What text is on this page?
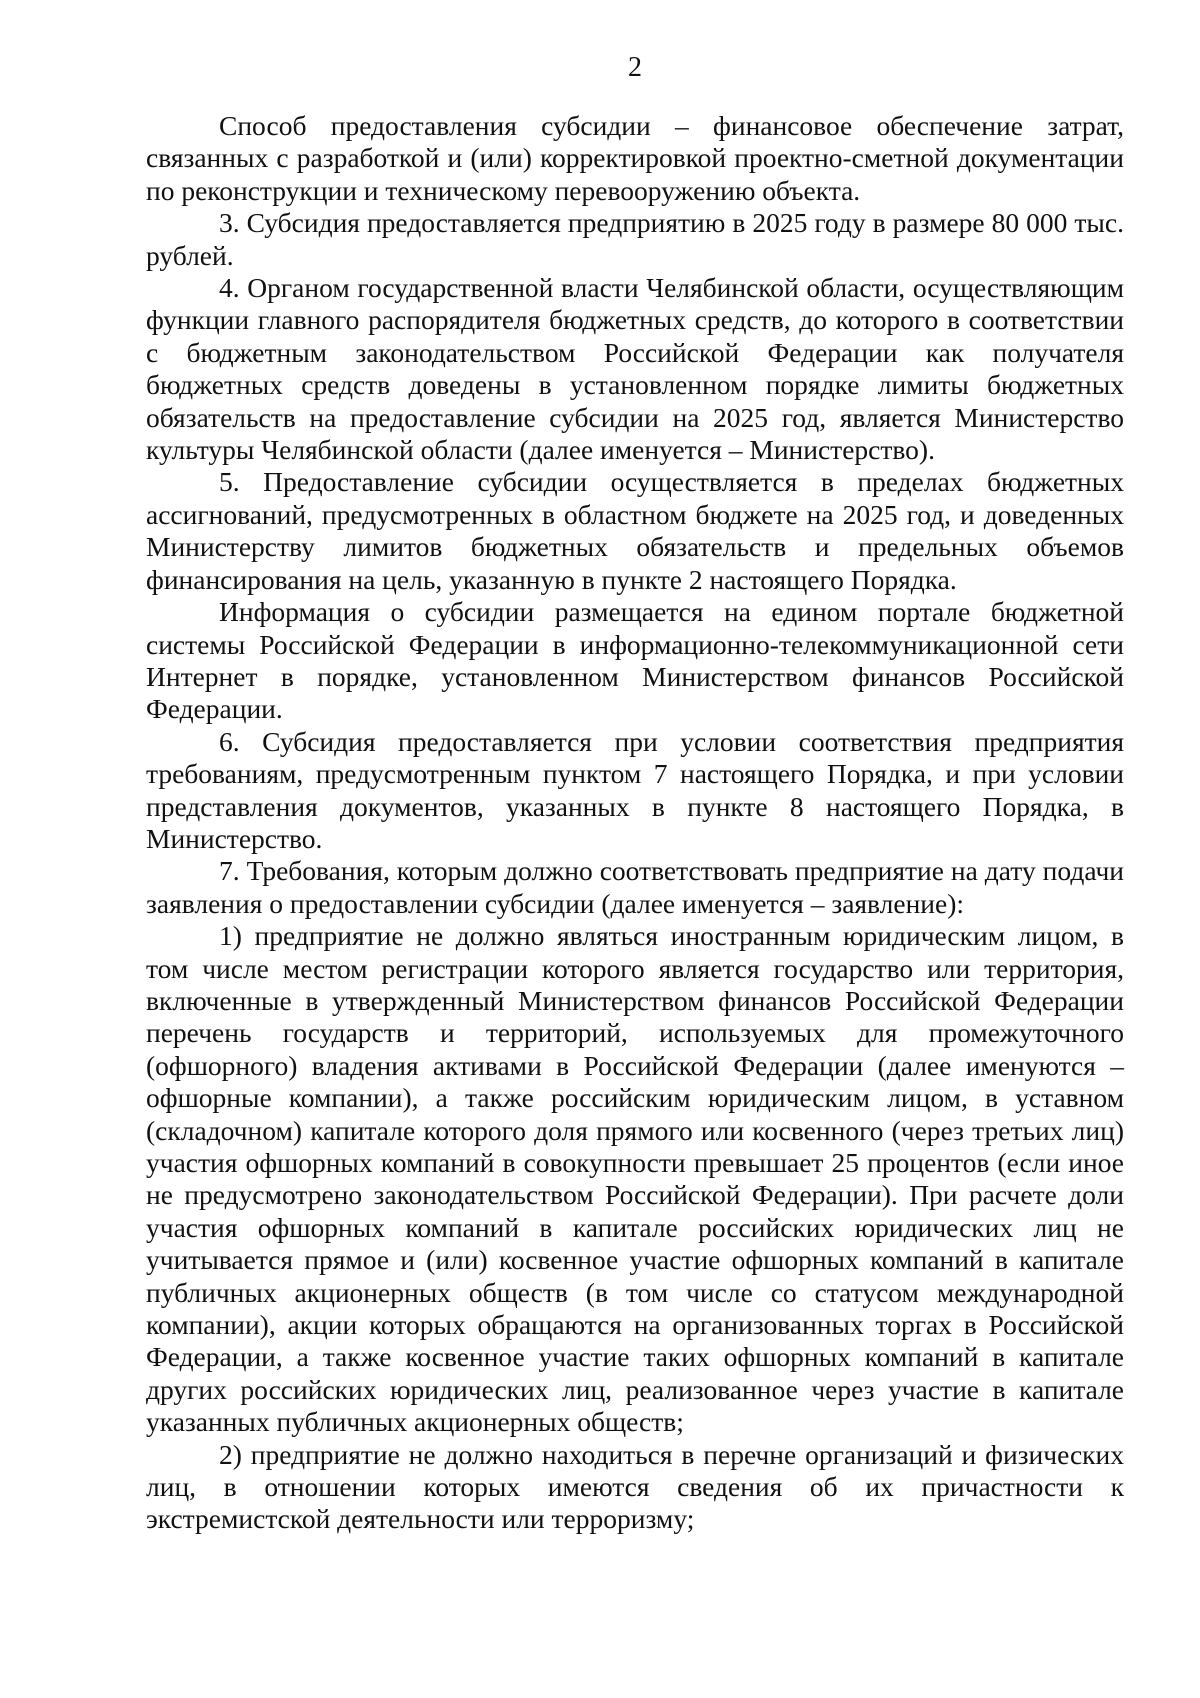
2

Способ предоставления субсидии – финансовое обеспечение затрат, связанных с разработкой и (или) корректировкой проектно-сметной документации по реконструкции и техническому перевооружению объекта.

3. Субсидия предоставляется предприятию в 2025 году в размере 80 000 тыс. рублей.

4. Органом государственной власти Челябинской области, осуществляющим функции главного распорядителя бюджетных средств, до которого в соответствии с бюджетным законодательством Российской Федерации как получателя бюджетных средств доведены в установленном порядке лимиты бюджетных обязательств на предоставление субсидии на 2025 год, является Министерство культуры Челябинской области (далее именуется – Министерство).

5. Предоставление субсидии осуществляется в пределах бюджетных ассигнований, предусмотренных в областном бюджете на 2025 год, и доведенных Министерству лимитов бюджетных обязательств и предельных объемов финансирования на цель, указанную в пункте 2 настоящего Порядка.

Информация о субсидии размещается на едином портале бюджетной системы Российской Федерации в информационно-телекоммуникационной сети Интернет в порядке, установленном Министерством финансов Российской Федерации.

6. Субсидия предоставляется при условии соответствия предприятия требованиям, предусмотренным пунктом 7 настоящего Порядка, и при условии представления документов, указанных в пункте 8 настоящего Порядка, в Министерство.

7. Требования, которым должно соответствовать предприятие на дату подачи заявления о предоставлении субсидии (далее именуется – заявление):

1) предприятие не должно являться иностранным юридическим лицом, в том числе местом регистрации которого является государство или территория, включенные в утвержденный Министерством финансов Российской Федерации перечень государств и территорий, используемых для промежуточного (офшорного) владения активами в Российской Федерации (далее именуются – офшорные компании), а также российским юридическим лицом, в уставном (складочном) капитале которого доля прямого или косвенного (через третьих лиц) участия офшорных компаний в совокупности превышает 25 процентов (если иное не предусмотрено законодательством Российской Федерации). При расчете доли участия офшорных компаний в капитале российских юридических лиц не учитывается прямое и (или) косвенное участие офшорных компаний в капитале публичных акционерных обществ (в том числе со статусом международной компании), акции которых обращаются на организованных торгах в Российской Федерации, а также косвенное участие таких офшорных компаний в капитале других российских юридических лиц, реализованное через участие в капитале указанных публичных акционерных обществ;

2) предприятие не должно находиться в перечне организаций и физических лиц, в отношении которых имеются сведения об их причастности к экстремистской деятельности или терроризму;
